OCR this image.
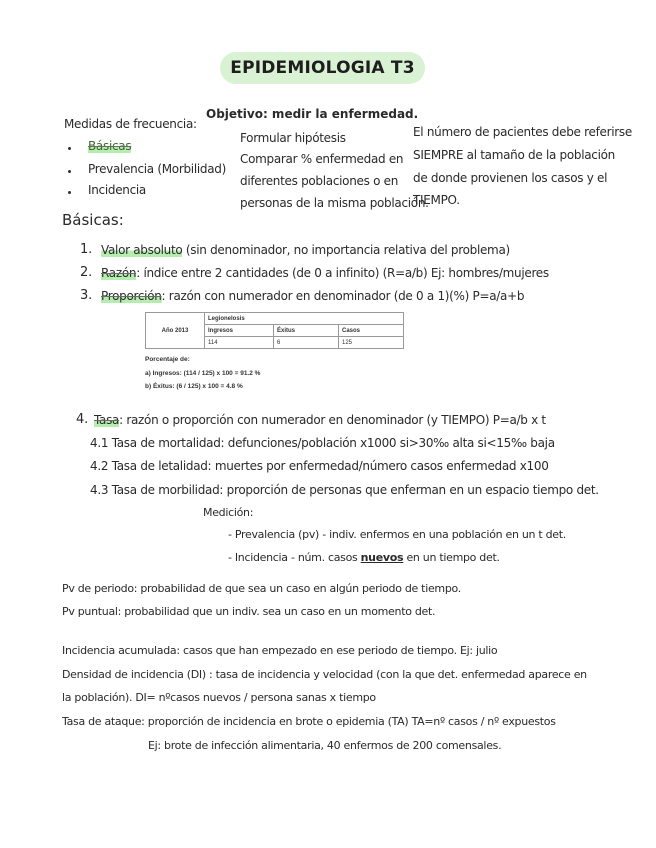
EPIDEMIOLOGIA T3
Objetivo: medir la enfermedad.
Medidas de frecuencia:
Básicas
Prevalencia (Morbilidad)
Incidencia
Formular hipótesis
Comparar % enfermedad en
diferentes poblaciones o en
personas de la misma población.
El número de pacientes debe referirse
SIEMPRE al tamaño de la población
de donde provienen los casos y el
TIEMPO.
Básicas:
1. Valor absoluto (sin denominador, no importancia relativa del problema)
2. Razón: índice entre 2 cantidades (de 0 a infinito) (R=a/b) Ej: hombres/mujeres
3. Proporción: razón con numerador en denominador (de 0 a 1)(%) P=a/a+b
Año 2013	Legionelosis		
	Ingresos	Éxitus	Casos
	114	6	125
Porcentaje de:
a) Ingresos: (114 / 125) x 100 = 91.2 %
b) Éxitus: (6 / 125) x 100 = 4.8 %
4. Tasa: razón o proporción con numerador en denominador (y TIEMPO) P=a/b x t
4.1 Tasa de mortalidad: defunciones/población x1000 si>30‰ alta si<15‰ baja
4.2 Tasa de letalidad: muertes por enfermedad/número casos enfermedad x100
4.3 Tasa de morbilidad: proporción de personas que enferman en un espacio tiempo det.
Medición:
- Prevalencia (pv) - indiv. enfermos en una población en un t det.
- Incidencia - núm. casos nuevos en un tiempo det.
Pv de periodo: probabilidad de que sea un caso en algún periodo de tiempo.
Pv puntual: probabilidad que un indiv. sea un caso en un momento det.
Incidencia acumulada: casos que han empezado en ese periodo de tiempo. Ej: julio
Densidad de incidencia (DI) : tasa de incidencia y velocidad (con la que det. enfermedad aparece en
la población). DI= nºcasos nuevos / persona sanas x tiempo
Tasa de ataque: proporción de incidencia en brote o epidemia (TA) TA=nº casos / nº expuestos
Ej: brote de infección alimentaria, 40 enfermos de 200 comensales.
